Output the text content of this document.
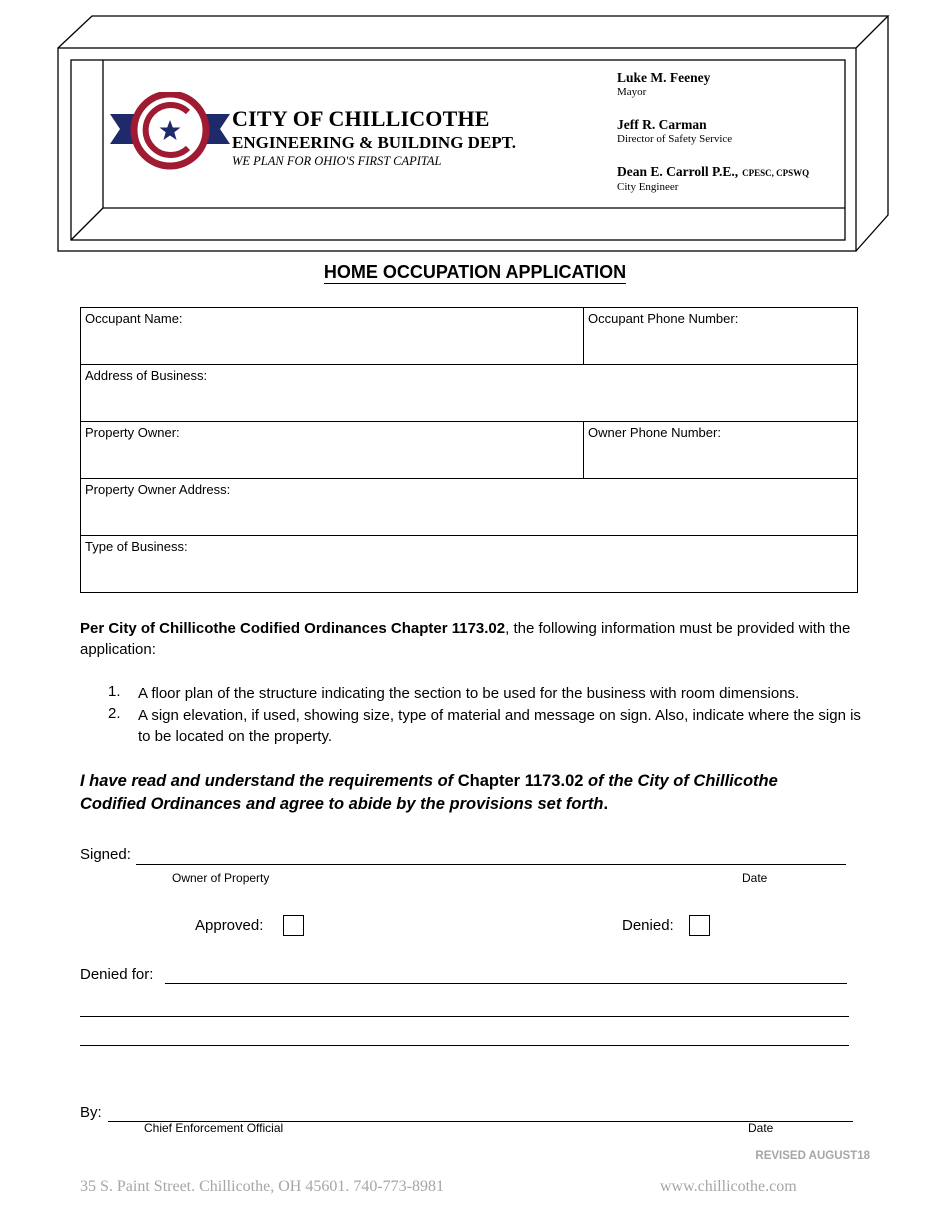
CITY OF CHILLICOTHE
ENGINEERING & BUILDING DEPT.
WE PLAN FOR OHIO'S FIRST CAPITAL
Luke M. Feeney
Mayor
Jeff R. Carman
Director of Safety Service
Dean E. Carroll P.E., CPESC, CPSWQ
City Engineer
HOME OCCUPATION APPLICATION
Occupant Name:	Occupant Phone Number:
Address of Business:	
Property Owner:	Owner Phone Number:
Property Owner Address:	
Type of Business:	
Per City of Chillicothe Codified Ordinances Chapter 1173.02, the following information must be provided with the application:
1. A floor plan of the structure indicating the section to be used for the business with room dimensions.
2. A sign elevation, if used, showing size, type of material and message on sign. Also, indicate where the sign is to be located on the property.
I have read and understand the requirements of Chapter 1173.02 of the City of Chillicothe Codified Ordinances and agree to abide by the provisions set forth.
Signed:
Owner of Property	Date
Approved:	Denied:
Denied for:
By:
Chief Enforcement Official	Date
REVISED AUGUST18
35 S. Paint Street. Chillicothe, OH 45601. 740-773-8981	www.chillicothe.com
